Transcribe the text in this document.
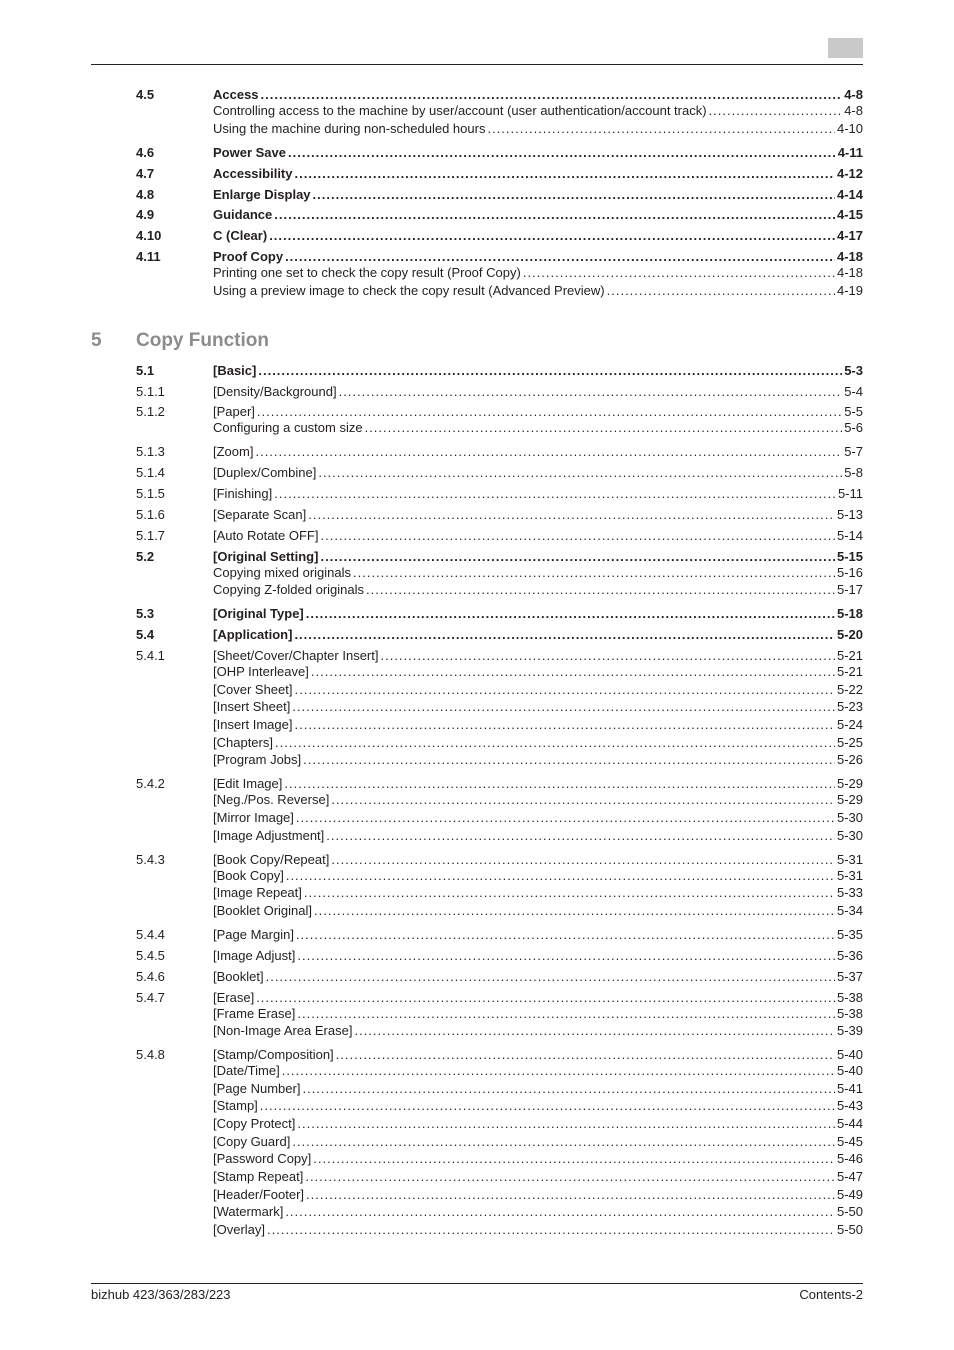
4.5	Access .....	4-8
Controlling access to the machine by user/account (user authentication/account track) .....	4-8
Using the machine during non-scheduled hours .....	4-10
4.6	Power Save .....	4-11
4.7	Accessibility .....	4-12
4.8	Enlarge Display .....	4-14
4.9	Guidance .....	4-15
4.10	C (Clear) .....	4-17
4.11	Proof Copy .....	4-18
Printing one set to check the copy result (Proof Copy) .....	4-18
Using a preview image to check the copy result (Advanced Preview) .....	4-19
5 Copy Function
5.1	[Basic] .....	5-3
5.1.1	[Density/Background] .....	5-4
5.1.2	[Paper] .....	5-5
Configuring a custom size .....	5-6
5.1.3	[Zoom] .....	5-7
5.1.4	[Duplex/Combine] .....	5-8
5.1.5	[Finishing] .....	5-11
5.1.6	[Separate Scan] .....	5-13
5.1.7	[Auto Rotate OFF] .....	5-14
5.2	[Original Setting] .....	5-15
Copying mixed originals .....	5-16
Copying Z-folded originals .....	5-17
5.3	[Original Type] .....	5-18
5.4	[Application] .....	5-20
5.4.1	[Sheet/Cover/Chapter Insert] .....	5-21
[OHP Interleave] .....	5-21
[Cover Sheet] .....	5-22
[Insert Sheet] .....	5-23
[Insert Image] .....	5-24
[Chapters] .....	5-25
[Program Jobs] .....	5-26
5.4.2	[Edit Image] .....	5-29
[Neg./Pos. Reverse] .....	5-29
[Mirror Image] .....	5-30
[Image Adjustment] .....	5-30
5.4.3	[Book Copy/Repeat] .....	5-31
[Book Copy] .....	5-31
[Image Repeat] .....	5-33
[Booklet Original] .....	5-34
5.4.4	[Page Margin] .....	5-35
5.4.5	[Image Adjust] .....	5-36
5.4.6	[Booklet] .....	5-37
5.4.7	[Erase] .....	5-38
[Frame Erase] .....	5-38
[Non-Image Area Erase] .....	5-39
5.4.8	[Stamp/Composition] .....	5-40
[Date/Time] .....	5-40
[Page Number] .....	5-41
[Stamp] .....	5-43
[Copy Protect] .....	5-44
[Copy Guard] .....	5-45
[Password Copy] .....	5-46
[Stamp Repeat] .....	5-47
[Header/Footer] .....	5-49
[Watermark] .....	5-50
[Overlay] .....	5-50
bizhub 423/363/283/223	Contents-2
